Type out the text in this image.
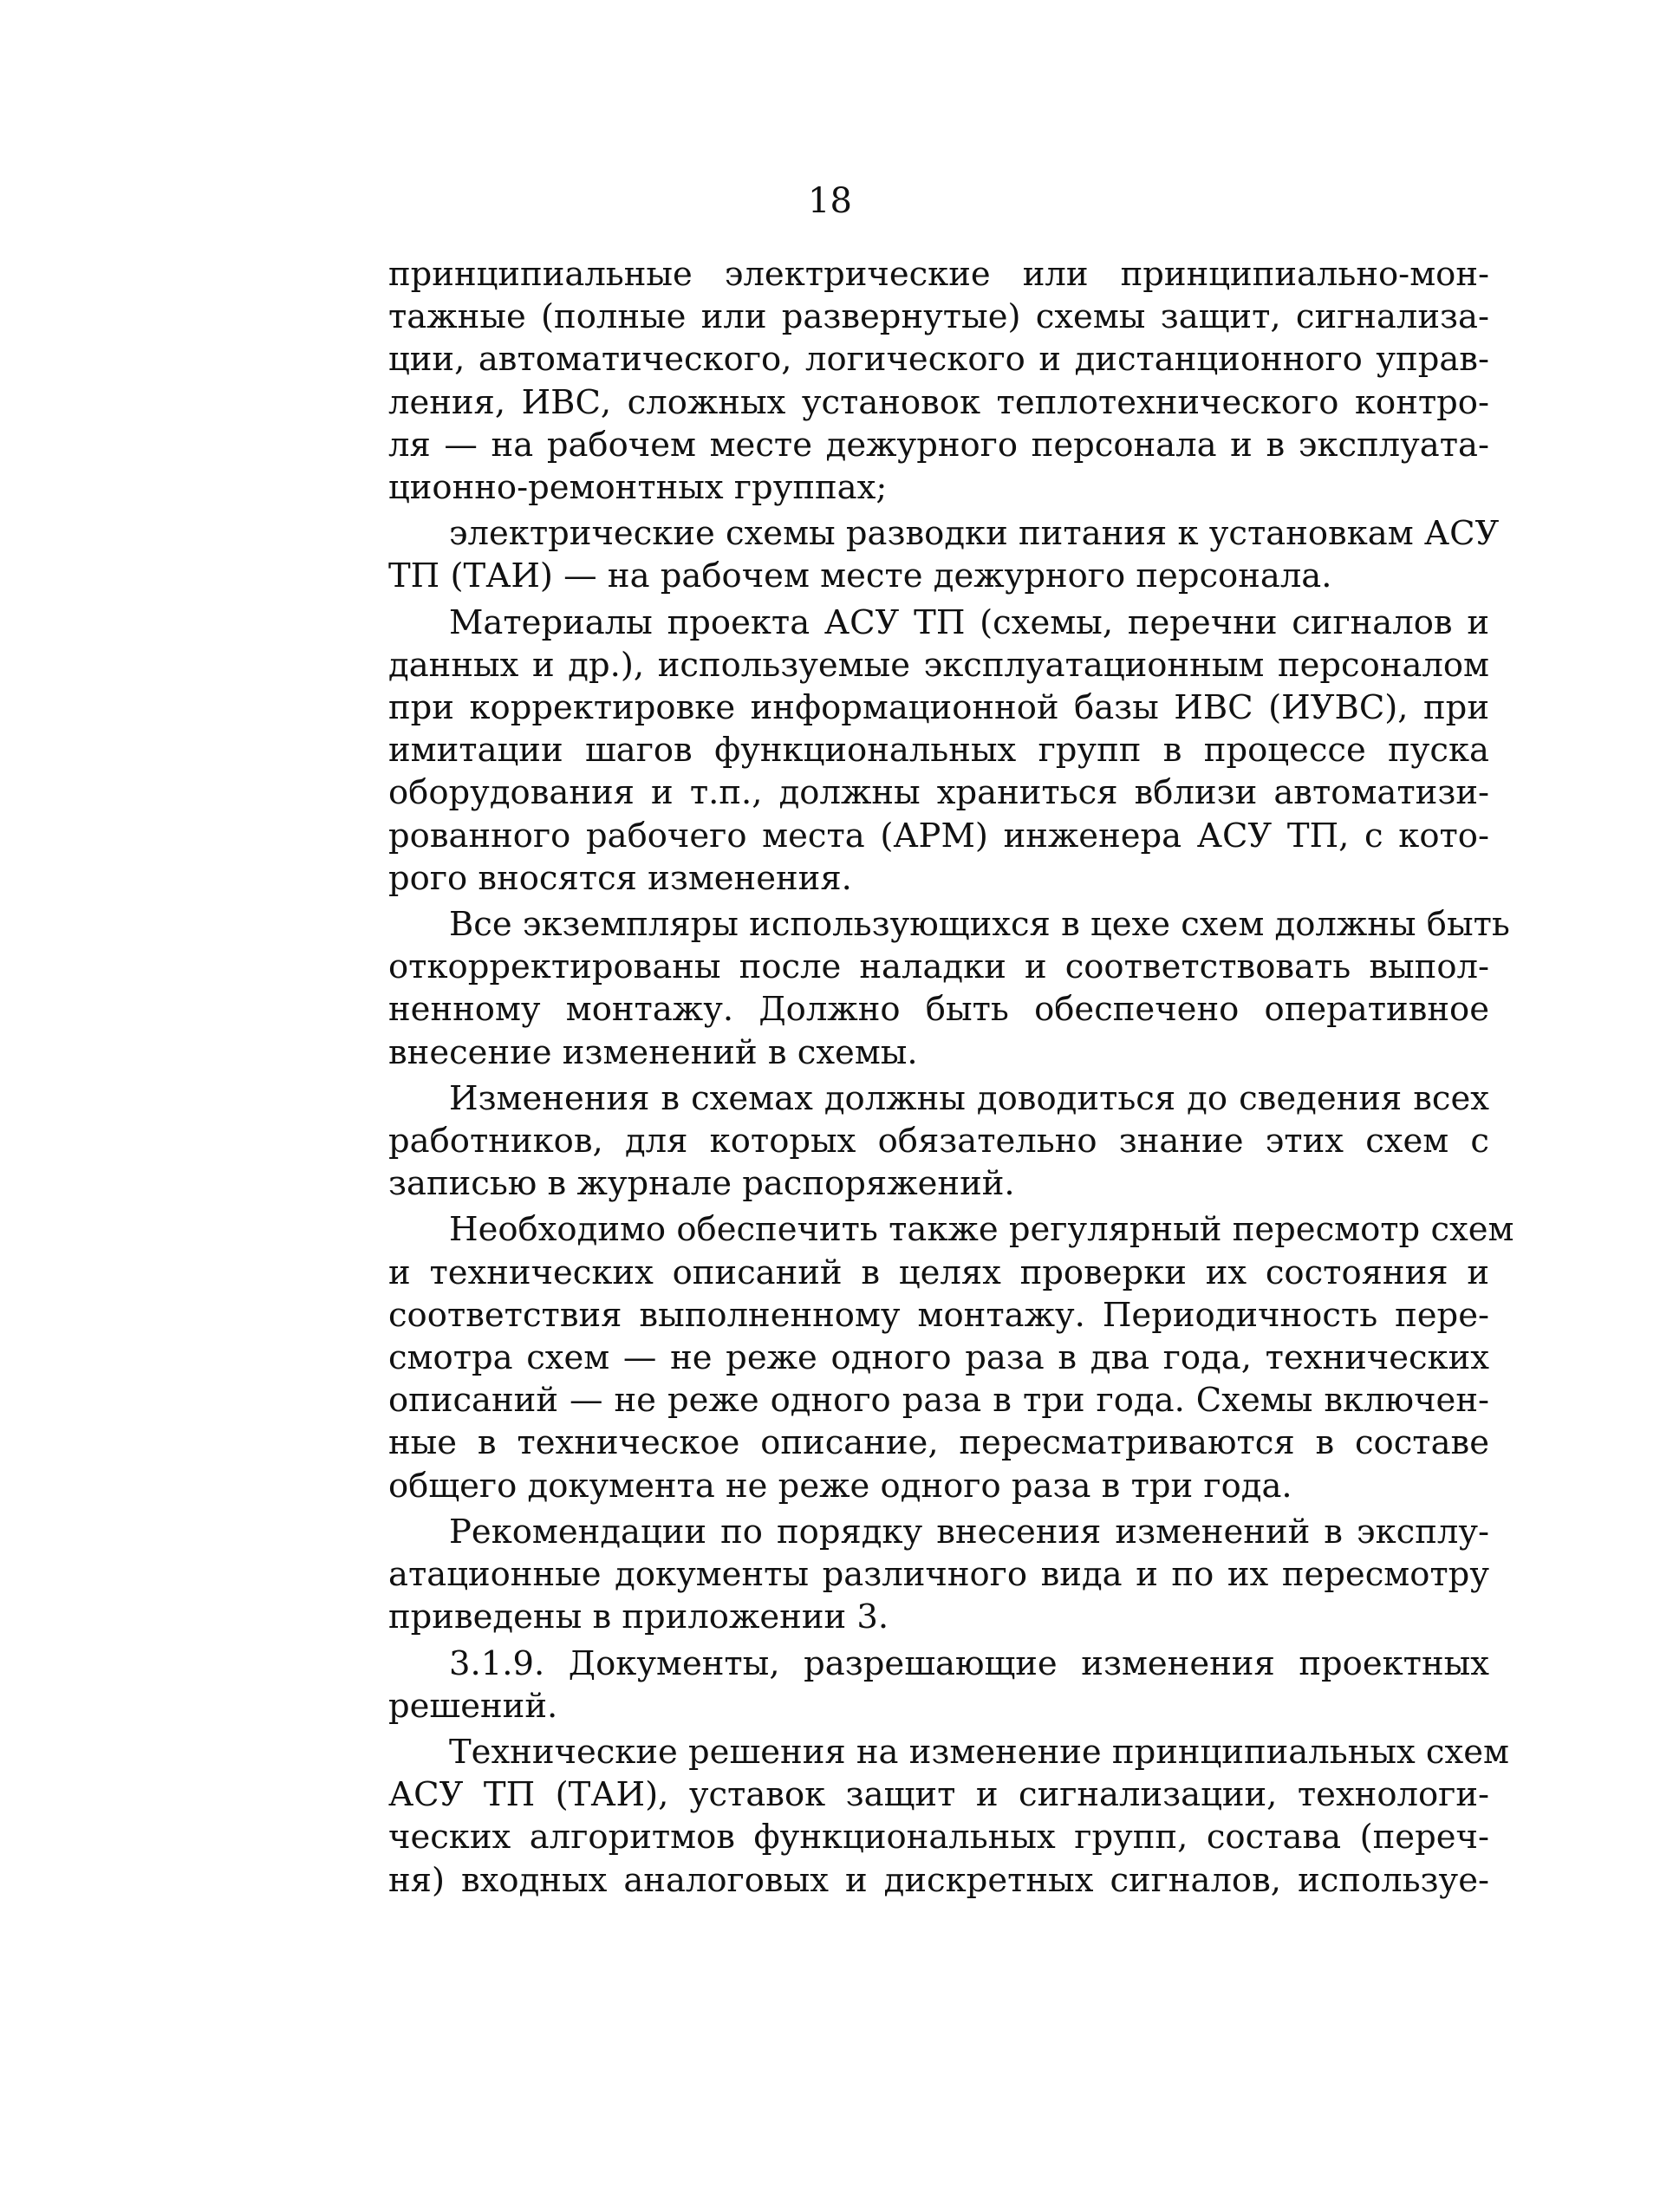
18
принципиальные электрические или принципиально-мон-
тажные (полные или развернутые) схемы защит, сигнализа-
ции, автоматического, логического и дистанционного управ-
ления, ИВС, сложных установок теплотехнического контро-
ля — на рабочем месте дежурного персонала и в эксплуата-
ционно-ремонтных группах;
электрические схемы разводки питания к установкам АСУ
ТП (ТАИ) — на рабочем месте дежурного персонала.
Материалы проекта АСУ ТП (схемы, перечни сигналов и
данных и др.), используемые эксплуатационным персоналом
при корректировке информационной базы ИВС (ИУВС), при
имитации шагов функциональных групп в процессе пуска
оборудования и т.п., должны храниться вблизи автоматизи-
рованного рабочего места (АРМ) инженера АСУ ТП, с кото-
рого вносятся изменения.
Все экземпляры использующихся в цехе схем должны быть
откорректированы после наладки и соответствовать выпол-
ненному монтажу. Должно быть обеспечено оперативное
внесение изменений в схемы.
Изменения в схемах должны доводиться до сведения всех
работников, для которых обязательно знание этих схем с
записью в журнале распоряжений.
Необходимо обеспечить также регулярный пересмотр схем
и технических описаний в целях проверки их состояния и
соответствия выполненному монтажу. Периодичность пере-
смотра схем — не реже одного раза в два года, технических
описаний — не реже одного раза в три года. Схемы включен-
ные в техническое описание, пересматриваются в составе
общего документа не реже одного раза в три года.
Рекомендации по порядку внесения изменений в эксплу-
атационные документы различного вида и по их пересмотру
приведены в приложении 3.
3.1.9. Документы, разрешающие изменения проектных
решений.
Технические решения на изменение принципиальных схем
АСУ ТП (ТАИ), уставок защит и сигнализации, технологи-
ческих алгоритмов функциональных групп, состава (переч-
ня) входных аналоговых и дискретных сигналов, используе-
